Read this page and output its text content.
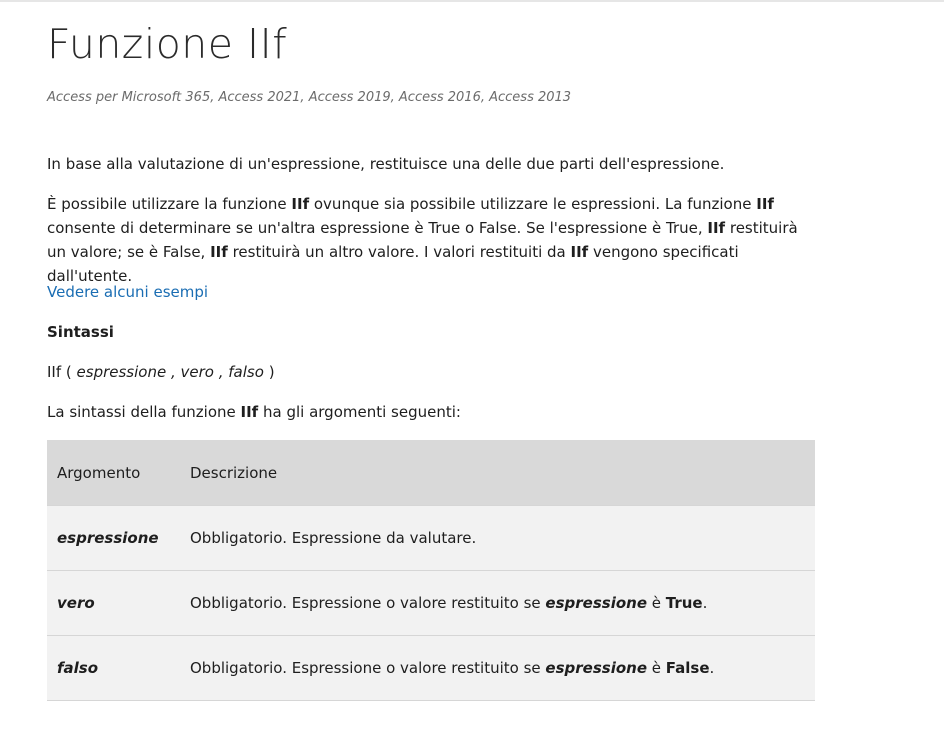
Funzione IIf
Access per Microsoft 365, Access 2021, Access 2019, Access 2016, Access 2013

In base alla valutazione di un'espressione, restituisce una delle due parti dell'espressione.

È possibile utilizzare la funzione IIf ovunque sia possibile utilizzare le espressioni. La funzione IIf consente di determinare se un'altra espressione è True o False. Se l'espressione è True, IIf restituirà un valore; se è False, IIf restituirà un altro valore. I valori restituiti da IIf vengono specificati dall'utente.

Vedere alcuni esempi

Sintassi

IIf ( espressione , vero , falso )

La sintassi della funzione IIf ha gli argomenti seguenti:

Argomento	Descrizione
espressione	Obbligatorio. Espressione da valutare.
vero	Obbligatorio. Espressione o valore restituito se espressione è True.
falso	Obbligatorio. Espressione o valore restituito se espressione è False.
